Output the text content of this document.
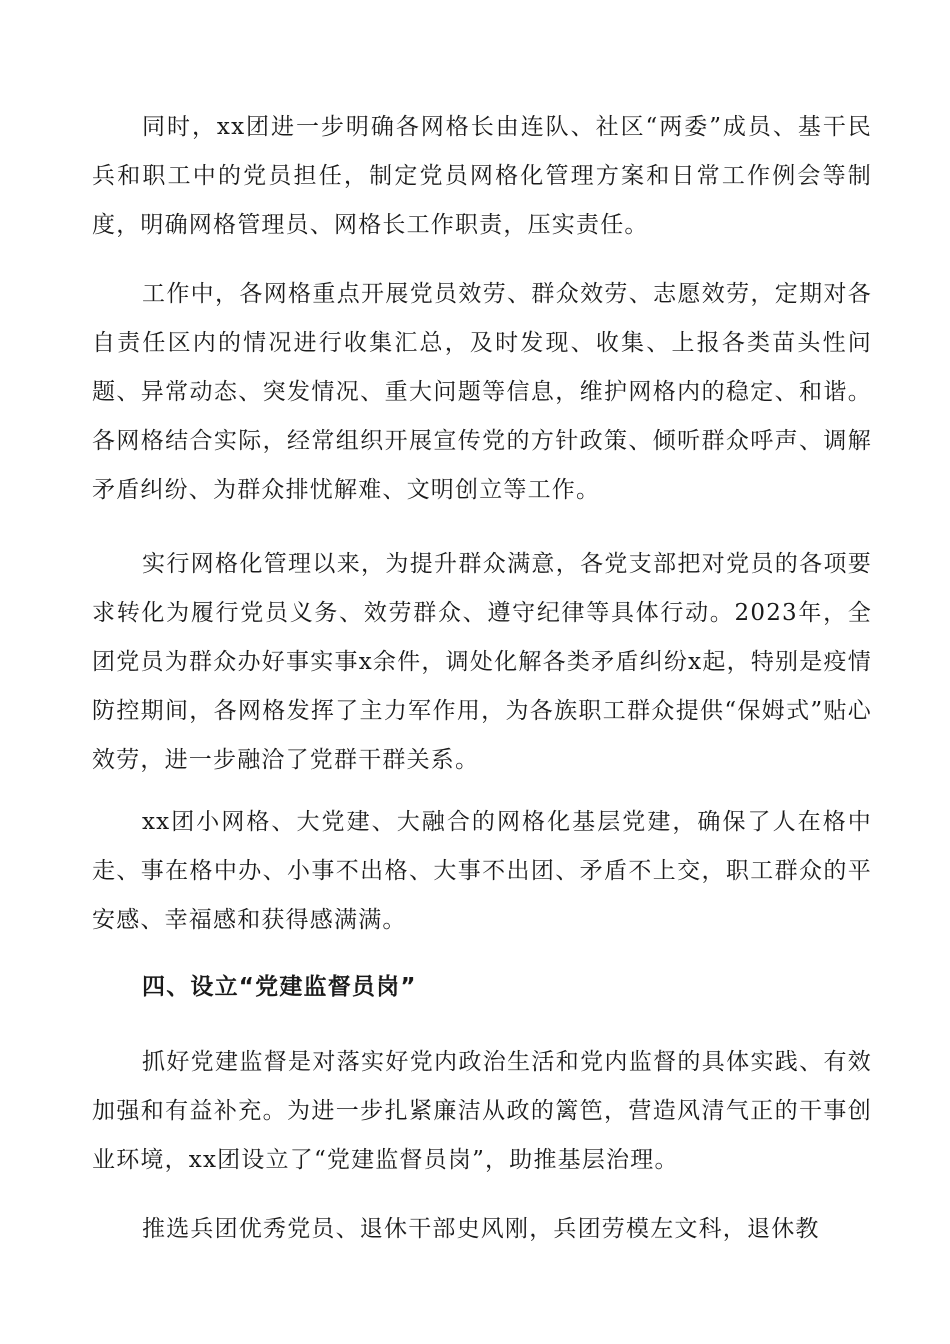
同时，xx团进一步明确各网格长由连队、社区“两委”成员、基干民兵和职工中的党员担任，制定党员网格化管理方案和日常工作例会等制度，明确网格管理员、网格长工作职责，压实责任。

工作中，各网格重点开展党员效劳、群众效劳、志愿效劳，定期对各自责任区内的情况进行收集汇总，及时发现、收集、上报各类苗头性问题、异常动态、突发情况、重大问题等信息，维护网格内的稳定、和谐。各网格结合实际，经常组织开展宣传党的方针政策、倾听群众呼声、调解矛盾纠纷、为群众排忧解难、文明创立等工作。

实行网格化管理以来，为提升群众满意，各党支部把对党员的各项要求转化为履行党员义务、效劳群众、遵守纪律等具体行动。2023年，全团党员为群众办好事实事x余件，调处化解各类矛盾纠纷x起，特别是疫情防控期间，各网格发挥了主力军作用，为各族职工群众提供“保姆式”贴心效劳，进一步融洽了党群干群关系。

xx团小网格、大党建、大融合的网格化基层党建，确保了人在格中走、事在格中办、小事不出格、大事不出团、矛盾不上交，职工群众的平安感、幸福感和获得感满满。

四、设立“党建监督员岗”

抓好党建监督是对落实好党内政治生活和党内监督的具体实践、有效加强和有益补充。为进一步扎紧廉洁从政的篱笆，营造风清气正的干事创业环境，xx团设立了“党建监督员岗”，助推基层治理。

推选兵团优秀党员、退休干部史风刚，兵团劳模左文科，退休教
